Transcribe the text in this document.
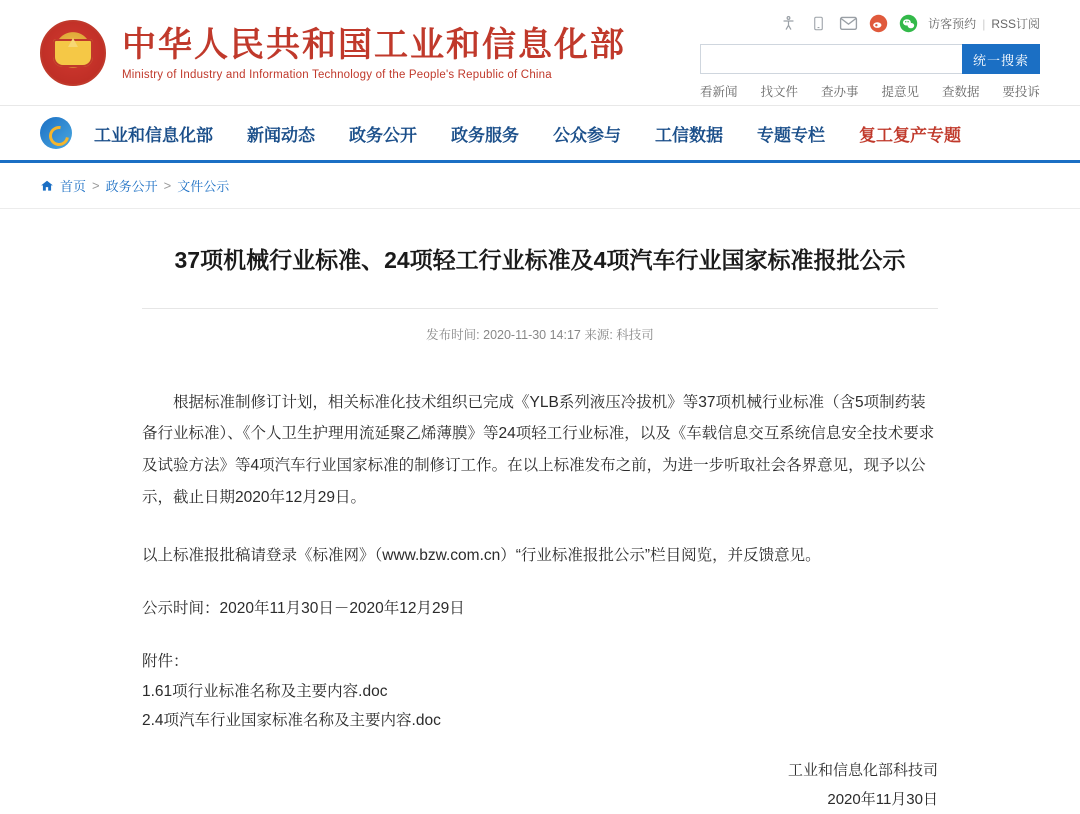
中华人民共和国工业和信息化部
Ministry of Industry and Information Technology of the People's Republic of China
访客预约 | RSS订阅
统一搜索
看新闻 找文件 查办事 提意见 查数据 要投诉
工业和信息化部 新闻动态 政务公开 政务服务 公众参与 工信数据 专题专栏 复工复产专题
首页 > 政务公开 > 文件公示
37项机械行业标准、24项轻工行业标准及4项汽车行业国家标准报批公示
发布时间: 2020-11-30 14:17 来源: 科技司

根据标准制修订计划，相关标准化技术组织已完成《YLB系列液压冷拔机》等37项机械行业标准（含5项制药装备行业标准）、《个人卫生护理用流延聚乙烯薄膜》等24项轻工行业标准，以及《车载信息交互系统信息安全技术要求及试验方法》等4项汽车行业国家标准的制修订工作。在以上标准发布之前，为进一步听取社会各界意见，现予以公示，截止日期2020年12月29日。

以上标准报批稿请登录《标准网》（www.bzw.com.cn）“行业标准报批公示”栏目阅览，并反馈意见。

公示时间：2020年11月30日－2020年12月29日

附件：
1.61项行业标准名称及主要内容.doc
2.4项汽车行业国家标准名称及主要内容.doc
工业和信息化部科技司
2020年11月30日
